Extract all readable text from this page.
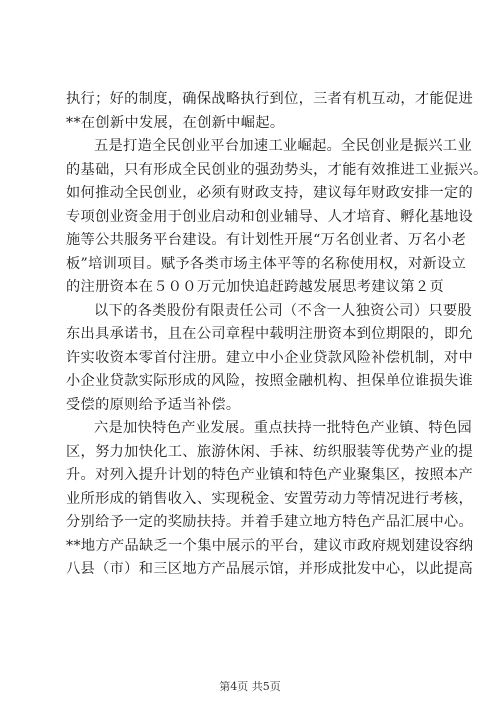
执行；好的制度，确保战略执行到位，三者有机互动，才能促进
**在创新中发展，在创新中崛起。
五是打造全民创业平台加速工业崛起。全民创业是振兴工业
的基础，只有形成全民创业的强劲势头，才能有效推进工业振兴。
如何推动全民创业，必须有财政支持，建议每年财政安排一定的
专项创业资金用于创业启动和创业辅导、人才培育、孵化基地设
施等公共服务平台建设。有计划性开展“万名创业者、万名小老
板”培训项目。赋予各类市场主体平等的名称使用权，对新设立
的注册资本在５００万元加快追赶跨越发展思考建议第２页
以下的各类股份有限责任公司（不含一人独资公司）只要股
东出具承诺书，且在公司章程中载明注册资本到位期限的，即允
许实收资本零首付注册。建立中小企业贷款风险补偿机制，对中
小企业贷款实际形成的风险，按照金融机构、担保单位谁损失谁
受偿的原则给予适当补偿。
六是加快特色产业发展。重点扶持一批特色产业镇、特色园
区，努力加快化工、旅游休闲、手袜、纺织服装等优势产业的提
升。对列入提升计划的特色产业镇和特色产业聚集区，按照本产
业所形成的销售收入、实现税金、安置劳动力等情况进行考核，
分别给予一定的奖励扶持。并着手建立地方特色产品汇展中心。
**地方产品缺乏一个集中展示的平台，建议市政府规划建设容纳
八县（市）和三区地方产品展示馆，并形成批发中心，以此提高
第4页 共5页
